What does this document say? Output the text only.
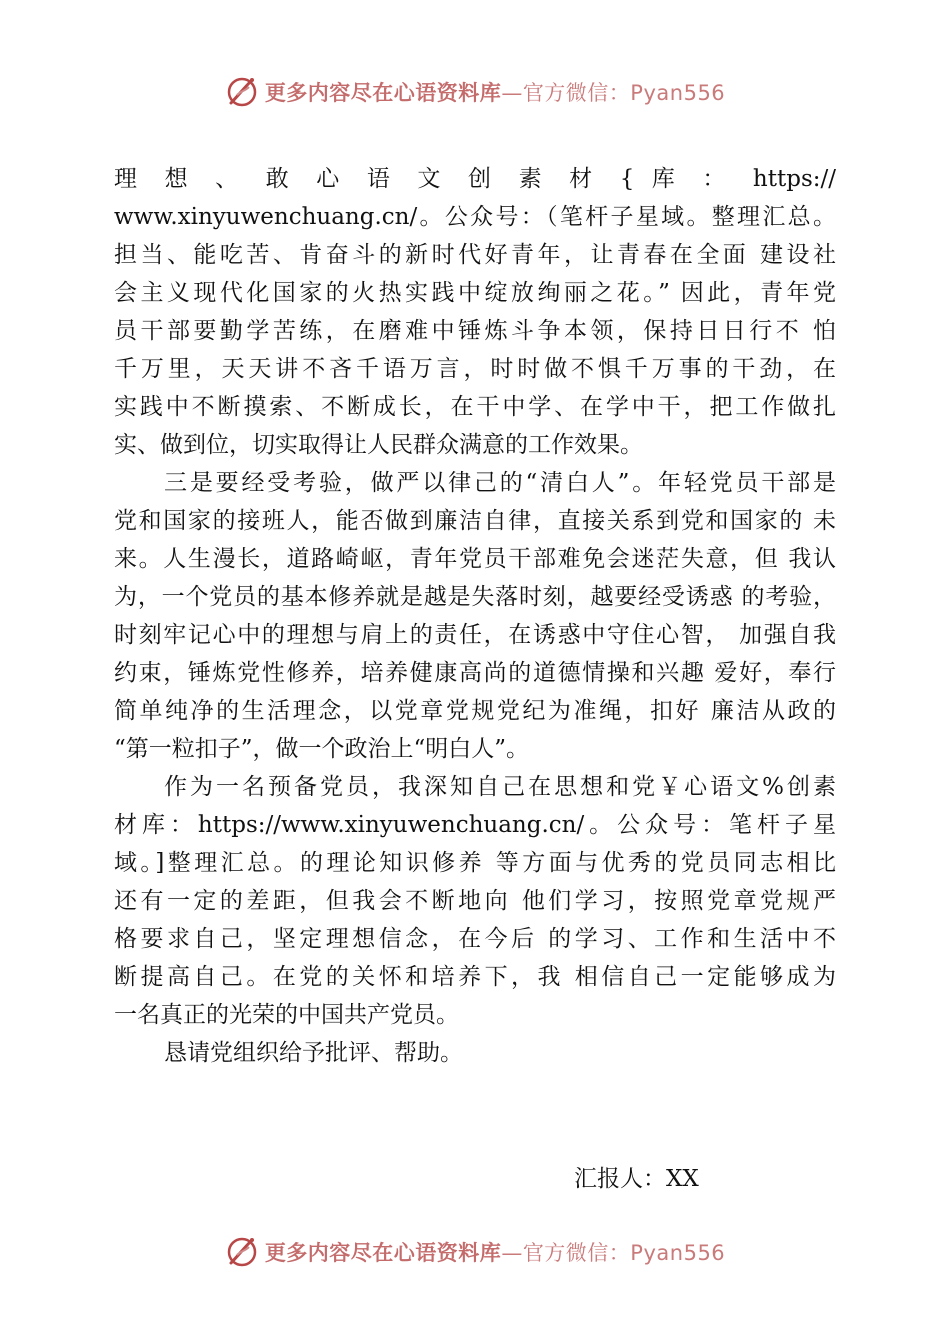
更多内容尽在心语资料库—官方微信：Pyan556
理 想 、 敢 心 语 文 创 素 材 { 库 ： https://
www.xinyuwenchuang.cn/。公众号：（笔杆子星域。整理汇总。
担当、能吃苦、肯奋斗的新时代好青年，让青春在全面 建设社
会主义现代化国家的火热实践中绽放绚丽之花。” 因此，青年党
员干部要勤学苦练，在磨难中锤炼斗争本领，保持日日行不 怕
千万里，天天讲不吝千语万言，时时做不惧千万事的干劲，在
实践中不断摸索、不断成长，在干中学、在学中干，把工作做扎
实、做到位，切实取得让人民群众满意的工作效果。
三是要经受考验，做严以律己的“清白人”。年轻党员干部是
党和国家的接班人，能否做到廉洁自律，直接关系到党和国家的 未
来。人生漫长，道路崎岖，青年党员干部难免会迷茫失意，但 我认
为，一个党员的基本修养就是越是失落时刻，越要经受诱惑 的考验，
时刻牢记心中的理想与肩上的责任，在诱惑中守住心智， 加强自我
约束，锤炼党性修养，培养健康高尚的道德情操和兴趣 爱好，奉行
简单纯净的生活理念，以党章党规党纪为准绳，扣好 廉洁从政的
“第一粒扣子”，做一个政治上“明白人”。
作为一名预备党员，我深知自己在思想和党￥心语文%创素
材库：https://www.xinyuwenchuang.cn/。公众号：笔杆子星
域。]整理汇总。的理论知识修养 等方面与优秀的党员同志相比
还有一定的差距，但我会不断地向 他们学习，按照党章党规严
格要求自己，坚定理想信念，在今后 的学习、工作和生活中不
断提高自己。在党的关怀和培养下，我 相信自己一定能够成为
一名真正的光荣的中国共产党员。
恳请党组织给予批评、帮助。
汇报人：XX
更多内容尽在心语资料库—官方微信：Pyan556
